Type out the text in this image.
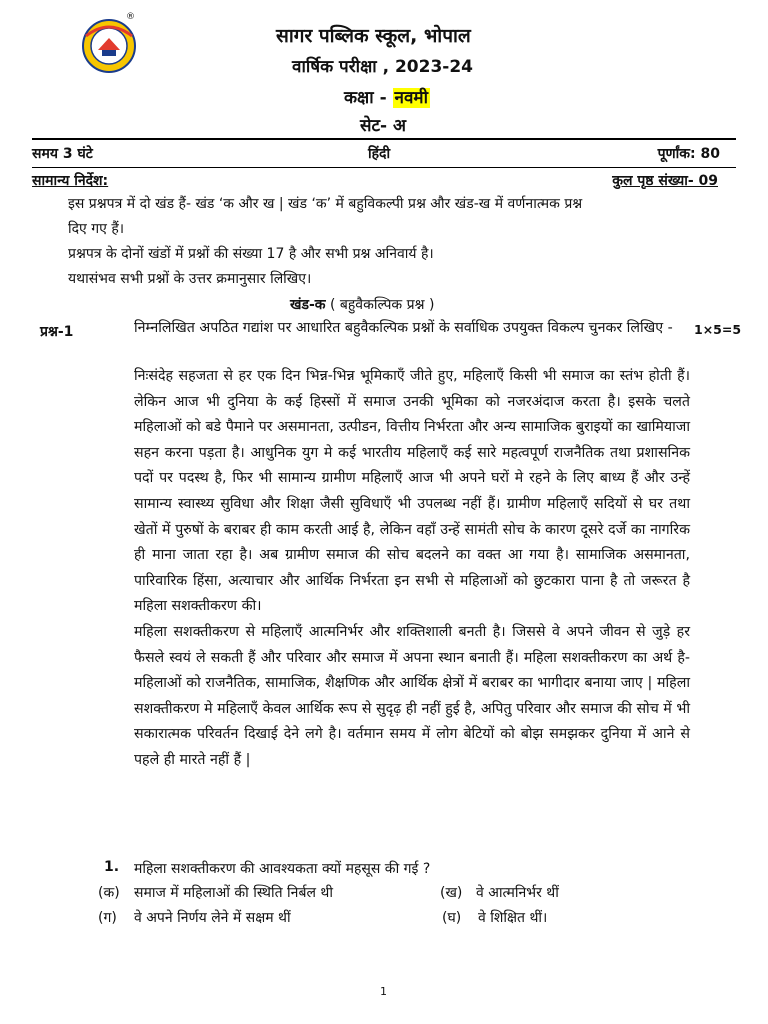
®
सागर पब्लिक स्कूल, भोपाल
वार्षिक परीक्षा , 2023-24
कक्षा - नवमी
सेट- अ
समय 3 घंटे	हिंदी	पूर्णांक: 80
सामान्य निर्देश:	कुल पृष्ठ संख्या- 09
इस प्रश्नपत्र में दो खंड हैं- खंड ‘क और ख | खंड ‘क’ में बहुविकल्पी प्रश्न और खंड-ख में वर्णनात्मक प्रश्न
दिए गए हैं।
प्रश्नपत्र के दोनों खंडों में प्रश्नों की संख्या 17 है और सभी प्रश्न अनिवार्य है।
यथासंभव सभी प्रश्नों के उत्तर क्रमानुसार लिखिए।
खंड-क ( बहुवैकल्पिक प्रश्न )
प्रश्न-1	1×5=5

निम्नलिखित अपठित गद्यांश पर आधारित बहुवैकल्पिक प्रश्नों के सर्वाधिक उपयुक्त विकल्प चुनकर लिखिए -

निःसंदेह सहजता से हर एक दिन भिन्न-भिन्न भूमिकाएँ जीते हुए, महिलाएँ किसी भी समाज का स्तंभ होती हैं। लेकिन आज भी दुनिया के कई हिस्सों में समाज उनकी भूमिका को नजरअंदाज करता है। इसके चलते महिलाओं को बडे पैमाने पर असमानता, उत्पीडन, वित्तीय निर्भरता और अन्य सामाजिक बुराइयों का खामियाजा सहन करना पड़ता है। आधुनिक युग मे कई भारतीय महिलाएँ कई सारे महत्वपूर्ण राजनैतिक तथा प्रशासनिक पदों पर पदस्थ है, फिर भी सामान्य ग्रामीण महिलाएँ आज भी अपने घरों मे रहने के लिए बाध्य हैं और उन्हें सामान्य स्वास्थ्य सुविधा और शिक्षा जैसी सुविधाएँ भी उपलब्ध नहीं हैं। ग्रामीण महिलाएँ सदियों से घर तथा खेतों में पुरुषों के बराबर ही काम करती आई है, लेकिन वहाँ उन्हें सामंती सोच के कारण दूसरे दर्जे का नागरिक ही माना जाता रहा है। अब ग्रामीण समाज की सोच बदलने का वक्त आ गया है। सामाजिक असमानता, पारिवारिक हिंसा, अत्याचार और आर्थिक निर्भरता इन सभी से महिलाओं को छुटकारा पाना है तो जरूरत है महिला सशक्तीकरण की।

महिला सशक्तीकरण से महिलाएँ आत्मनिर्भर और शक्तिशाली बनती है। जिससे वे अपने जीवन से जुड़े हर फैसले स्वयं ले सकती हैं और परिवार और समाज में अपना स्थान बनाती हैं। महिला सशक्तीकरण का अर्थ है-महिलाओं को राजनैतिक, सामाजिक, शैक्षणिक और आर्थिक क्षेत्रों में बराबर का भागीदार बनाया जाए | महिला सशक्तीकरण मे महिलाएँ केवल आर्थिक रूप से सुदृढ़ ही नहीं हुई है, अपितु परिवार और समाज की सोच में भी सकारात्मक परिवर्तन दिखाई देने लगे है। वर्तमान समय में लोग बेटियों को बोझ समझकर दुनिया में आने से पहले ही मारते नहीं हैं |

1. महिला सशक्तीकरण की आवश्यकता क्यों महसूस की गई ?
(क) समाज में महिलाओं की स्थिति निर्बल थी	(ख) वे आत्मनिर्भर थीं
(ग) वे अपने निर्णय लेने में सक्षम थीं	(घ) वे शिक्षित थीं।
1
